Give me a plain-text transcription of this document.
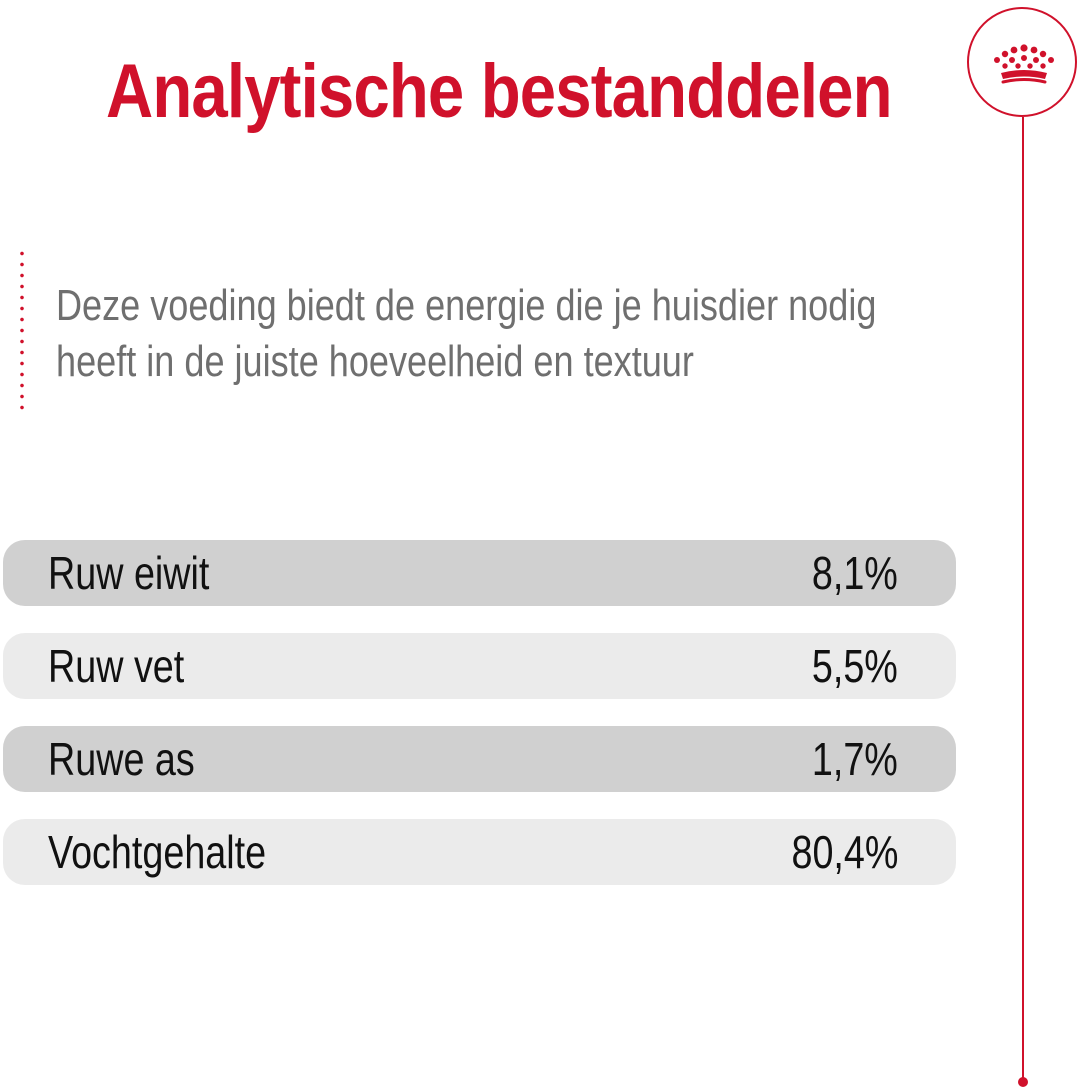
Analytische bestanddelen

Deze voeding biedt de energie die je huisdier nodig heeft in de juiste hoeveelheid en textuur

Ruw eiwit	8,1%
Ruw vet	5,5%
Ruwe as	1,7%
Vochtgehalte	80,4%
